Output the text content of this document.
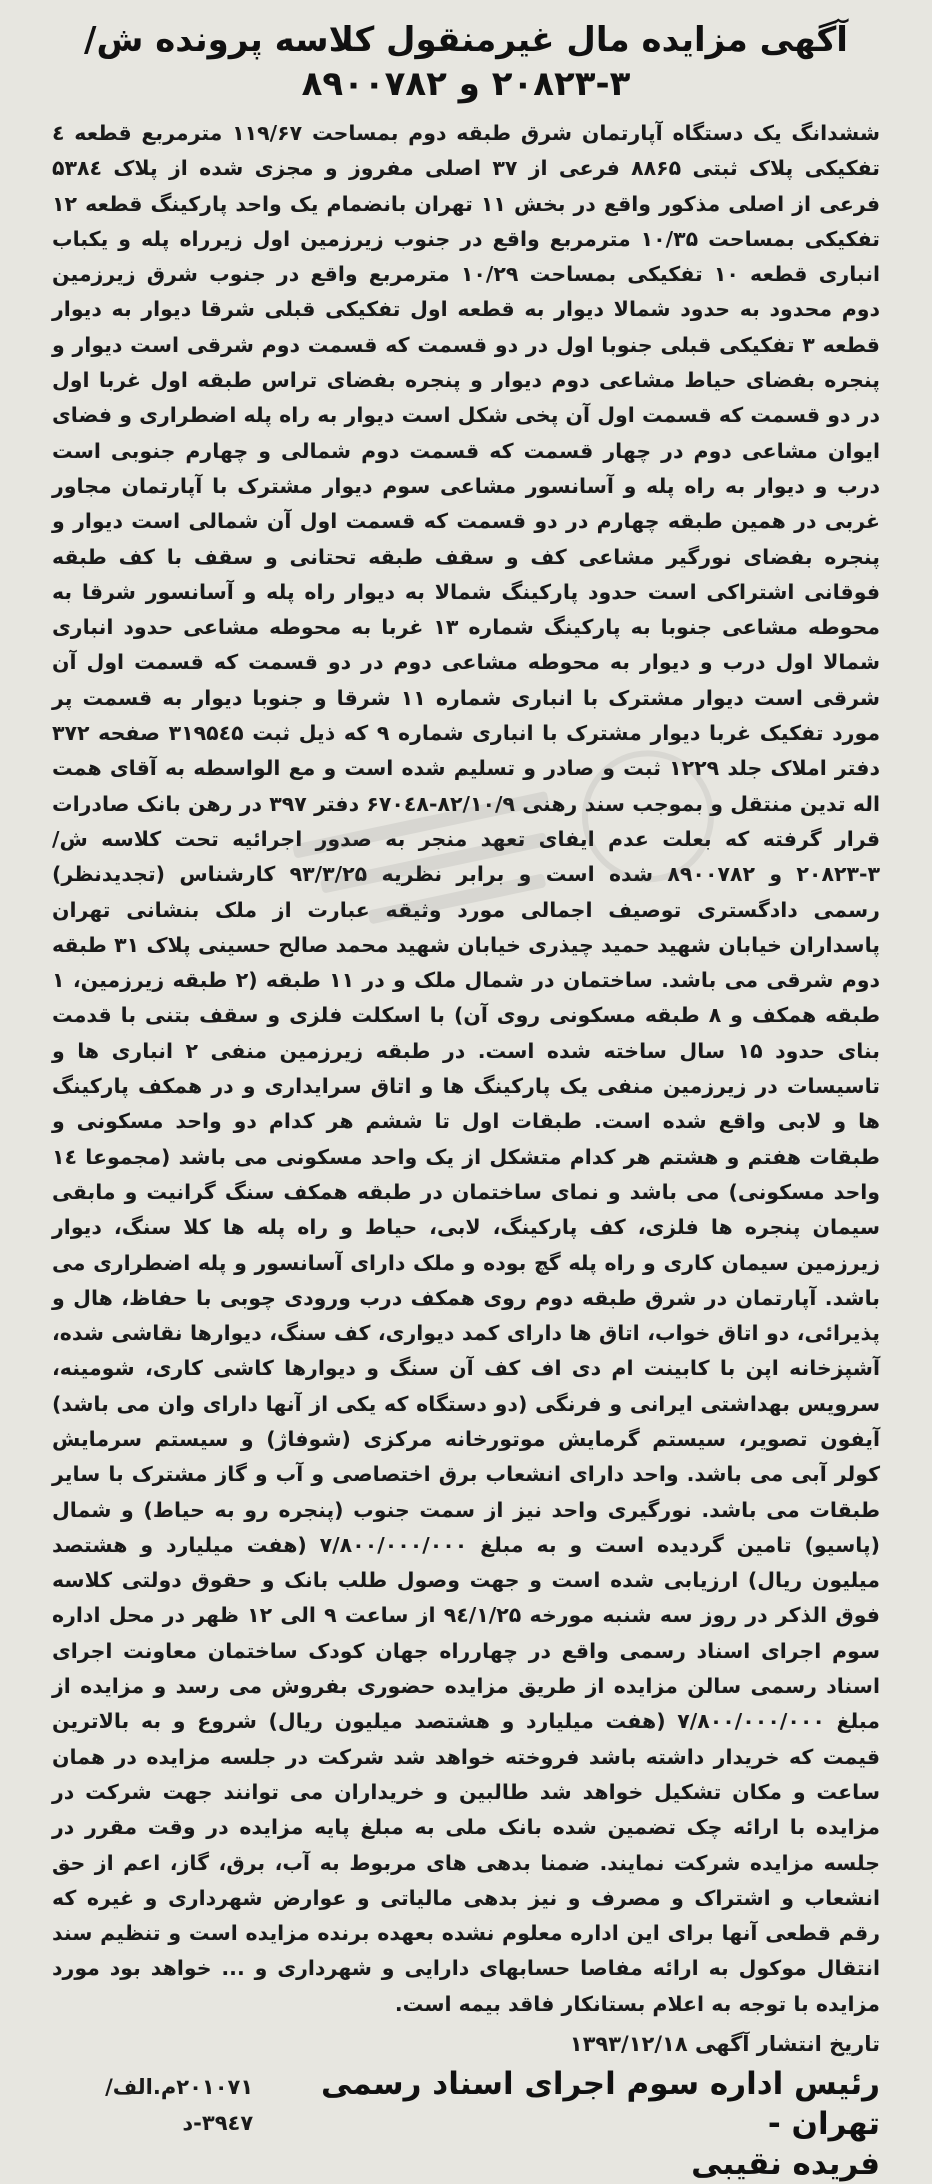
آگهی مزایده مال غیرمنقول کلاسه پرونده ش/۳-۲۰۸۲۳ و ۸۹۰۰۷۸۲

ششدانگ یک دستگاه آپارتمان شرق طبقه دوم بمساحت ۱۱۹/۶۷ مترمربع قطعه ٤ تفکیکی پلاک ثبتی ۸۸۶۵ فرعی از ۳۷ اصلی مفروز و مجزی شده از پلاک ۵۳۸٤ فرعی از اصلی مذکور واقع در بخش ۱۱ تهران بانضمام یک واحد پارکینگ قطعه ۱۲ تفکیکی بمساحت ۱۰/۳۵ مترمربع واقع در جنوب زیرزمین اول زیرراه پله و یکباب انباری قطعه ۱۰ تفکیکی بمساحت ۱۰/۲۹ مترمربع واقع در جنوب شرق زیرزمین دوم محدود به حدود شمالا دیوار به قطعه اول تفکیکی قبلی شرقا دیوار به دیوار قطعه ۳ تفکیکی قبلی جنوبا اول در دو قسمت که قسمت دوم شرقی است دیوار و پنجره بفضای حیاط مشاعی دوم دیوار و پنجره بفضای تراس طبقه اول غربا اول در دو قسمت که قسمت اول آن پخی شکل است دیوار به راه پله اضطراری و فضای ایوان مشاعی دوم در چهار قسمت که قسمت دوم شمالی و چهارم جنوبی است درب و دیوار به راه پله و آسانسور مشاعی سوم دیوار مشترک با آپارتمان مجاور غربی در همین طبقه چهارم در دو قسمت که قسمت اول آن شمالی است دیوار و پنجره بفضای نورگیر مشاعی کف و سقف طبقه تحتانی و سقف با کف طبقه فوقانی اشتراکی است حدود پارکینگ شمالا به دیوار راه پله و آسانسور شرقا به محوطه مشاعی جنوبا به پارکینگ شماره ۱۳ غربا به محوطه مشاعی حدود انباری شمالا اول درب و دیوار به محوطه مشاعی دوم در دو قسمت که قسمت اول آن شرقی است دیوار مشترک با انباری شماره ۱۱ شرقا و جنوبا دیوار به قسمت پر مورد تفکیک غربا دیوار مشترک با انباری شماره ۹ که ذیل ثبت ۳۱۹۵٤۵ صفحه ۳۷۲ دفتر املاک جلد ۱۲۲۹ ثبت و صادر و تسلیم شده است و مع الواسطه به آقای همت اله تدین منتقل و بموجب سند رهنی ۸۲/۱۰/۹-۶۷۰٤۸ دفتر ۳۹۷ در رهن بانک صادرات قرار گرفته که بعلت عدم ایفای تعهد منجر به صدور اجرائیه تحت کلاسه ش/۳-۲۰۸۲۳ و ۸۹۰۰۷۸۲ شده است و برابر نظریه ۹۳/۳/۲۵ کارشناس (تجدیدنظر) رسمی دادگستری توصیف اجمالی مورد وثیقه عبارت از ملک بنشانی تهران پاسداران خیابان شهید حمید چیذری خیابان شهید محمد صالح حسینی پلاک ۳۱ طبقه دوم شرقی می باشد. ساختمان در شمال ملک و در ۱۱ طبقه (۲ طبقه زیرزمین، ۱ طبقه همکف و ۸ طبقه مسکونی روی آن) با اسکلت فلزی و سقف بتنی با قدمت بنای حدود ۱۵ سال ساخته شده است. در طبقه زیرزمین منفی ۲ انباری ها و تاسیسات در زیرزمین منفی یک پارکینگ ها و اتاق سرایداری و در همکف پارکینگ ها و لابی واقع شده است. طبقات اول تا ششم هر کدام دو واحد مسکونی و طبقات هفتم و هشتم هر کدام متشکل از یک واحد مسکونی می باشد (مجموعا ۱٤ واحد مسکونی) می باشد و نمای ساختمان در طبقه همکف سنگ گرانیت و مابقی سیمان پنجره ها فلزی، کف پارکینگ، لابی، حیاط و راه پله ها کلا سنگ، دیوار زیرزمین سیمان کاری و راه پله گچ بوده و ملک دارای آسانسور و پله اضطراری می باشد. آپارتمان در شرق طبقه دوم روی همکف درب ورودی چوبی با حفاظ، هال و پذیرائی، دو اتاق خواب، اتاق ها دارای کمد دیواری، کف سنگ، دیوارها نقاشی شده، آشپزخانه اپن با کابینت ام دی اف کف آن سنگ و دیوارها کاشی کاری، شومینه، سرویس بهداشتی ایرانی و فرنگی (دو دستگاه که یکی از آنها دارای وان می باشد) آیفون تصویر، سیستم گرمایش موتورخانه مرکزی (شوفاژ) و سیستم سرمایش کولر آبی می باشد. واحد دارای انشعاب برق اختصاصی و آب و گاز مشترک با سایر طبقات می باشد. نورگیری واحد نیز از سمت جنوب (پنجره رو به حیاط) و شمال (پاسیو) تامین گردیده است و به مبلغ ۷/۸۰۰/۰۰۰/۰۰۰ (هفت میلیارد و هشتصد میلیون ریال) ارزیابی شده است و جهت وصول طلب بانک و حقوق دولتی کلاسه فوق الذکر در روز سه شنبه مورخه ۹٤/۱/۲۵ از ساعت ۹ الی ۱۲ ظهر در محل اداره سوم اجرای اسناد رسمی واقع در چهارراه جهان کودک ساختمان معاونت اجرای اسناد رسمی سالن مزایده از طریق مزایده حضوری بفروش می رسد و مزایده از مبلغ ۷/۸۰۰/۰۰۰/۰۰۰ (هفت میلیارد و هشتصد میلیون ریال) شروع و به بالاترین قیمت که خریدار داشته باشد فروخته خواهد شد شرکت در جلسه مزایده در همان ساعت و مکان تشکیل خواهد شد طالبین و خریداران می توانند جهت شرکت در مزایده با ارائه چک تضمین شده بانک ملی به مبلغ پایه مزایده در وقت مقرر در جلسه مزایده شرکت نمایند. ضمنا بدهی های مربوط به آب، برق، گاز، اعم از حق انشعاب و اشتراک و مصرف و نیز بدهی مالیاتی و عوارض شهرداری و غیره که رقم قطعی آنها برای این اداره معلوم نشده بعهده برنده مزایده است و تنظیم سند انتقال موکول به ارائه مفاصا حسابهای دارایی و شهرداری و ... خواهد بود مورد مزایده با توجه به اعلام بستانکار فاقد بیمه است.

تاریخ انتشار آگهی ۱۳۹۳/۱۲/۱۸
رئیس اداره سوم اجرای اسناد رسمی تهران -
۲۰۱۰۷۱م.الف/۳۹٤۷-د
فریده نقیبی
